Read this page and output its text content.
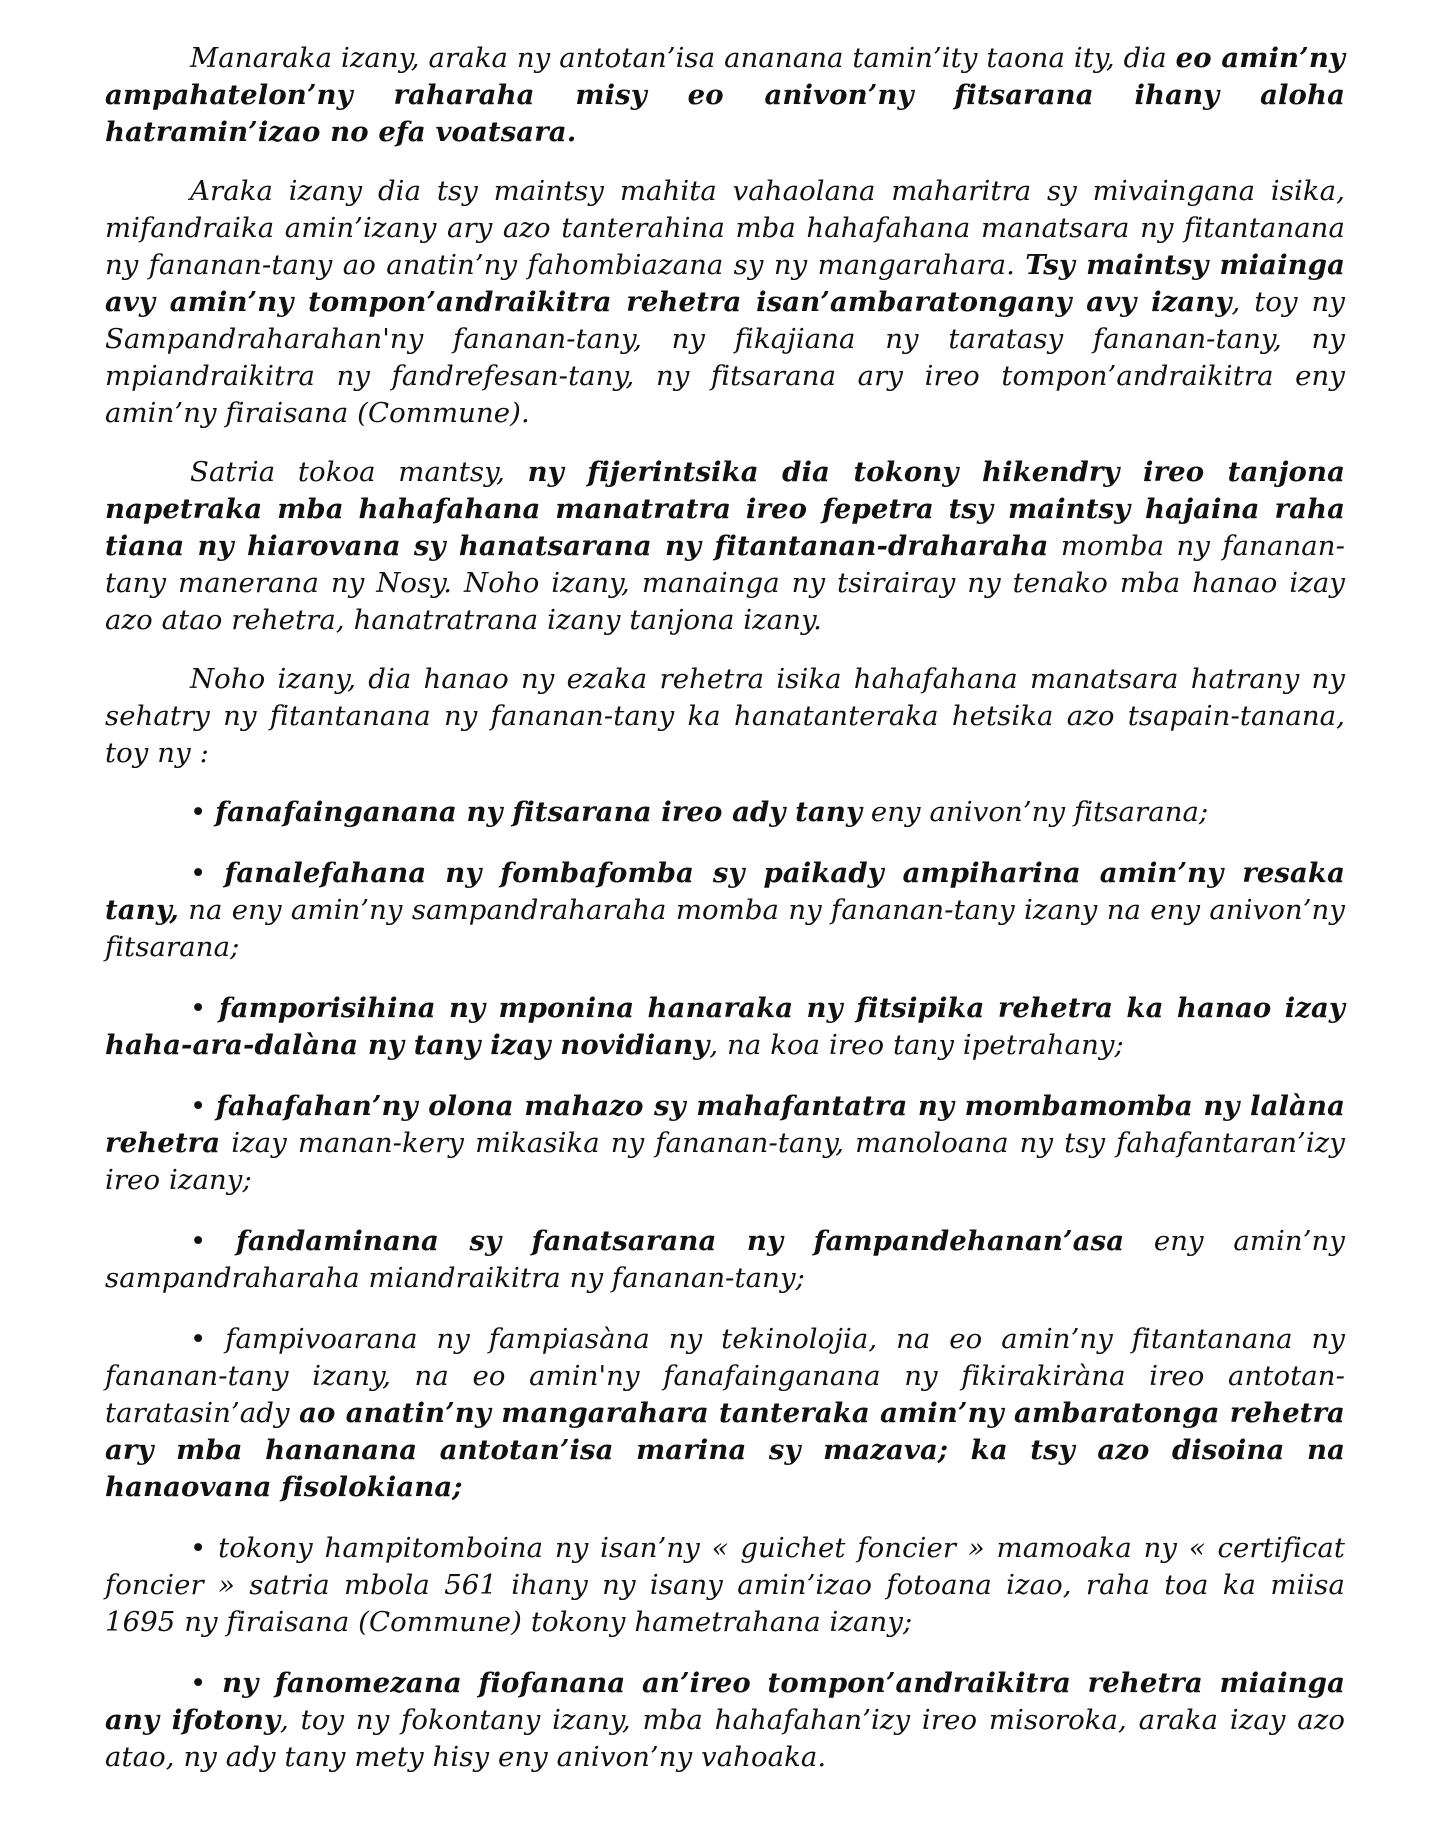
Manaraka izany, araka ny antotan’isa ananana tamin’ity taona ity, dia eo amin’ny ampahatelon’ny raharaha misy eo anivon’ny fitsarana ihany aloha hatramin’izao no efa voatsara.

Araka izany dia tsy maintsy mahita vahaolana maharitra sy mivaingana isika, mifandraika amin’izany ary azo tanterahina mba hahafahana manatsara ny fitantanana ny fananan-tany ao anatin’ny fahombiazana sy ny mangarahara. Tsy maintsy miainga avy amin’ny tompon’andraikitra rehetra isan’ambaratongany avy izany, toy ny Sampandraharahan'ny fananan-tany, ny fikajiana ny taratasy fananan-tany, ny mpiandraikitra ny fandrefesan-tany, ny fitsarana ary ireo tompon’andraikitra eny amin’ny firaisana (Commune).

Satria tokoa mantsy, ny fijerintsika dia tokony hikendry ireo tanjona napetraka mba hahafahana manatratra ireo fepetra tsy maintsy hajaina raha tiana ny hiarovana sy hanatsarana ny fitantanan-draharaha momba ny fananan-tany manerana ny Nosy. Noho izany, manainga ny tsirairay ny tenako mba hanao izay azo atao rehetra, hanatratrana izany tanjona izany.

Noho izany, dia hanao ny ezaka rehetra isika hahafahana manatsara hatrany ny sehatry ny fitantanana ny fananan-tany ka hanatanteraka hetsika azo tsapain-tanana, toy ny :

• fanafainganana ny fitsarana ireo ady tany eny anivon’ny fitsarana;

• fanalefahana ny fombafomba sy paikady ampiharina amin’ny resaka tany, na eny amin’ny sampandraharaha momba ny fananan-tany izany na eny anivon’ny fitsarana;

• famporisihina ny mponina hanaraka ny fitsipika rehetra ka hanao izay haha-ara-dalàna ny tany izay novidiany, na koa ireo tany ipetrahany;

• fahafahan’ny olona mahazo sy mahafantatra ny mombamomba ny lalàna rehetra izay manan-kery mikasika ny fananan-tany, manoloana ny tsy fahafantaran’izy ireo izany;

• fandaminana sy fanatsarana ny fampandehanan’asa eny amin’ny sampandraharaha miandraikitra ny fananan-tany;

• fampivoarana ny fampiasàna ny tekinolojia, na eo amin’ny fitantanana ny fananan-tany izany, na eo amin'ny fanafainganana ny fikirakiràna ireo antotan-taratasin’ady ao anatin’ny mangarahara tanteraka amin’ny ambaratonga rehetra ary mba hananana antotan’isa marina sy mazava; ka tsy azo disoina na hanaovana fisolokiana;

• tokony hampitomboina ny isan’ny « guichet foncier » mamoaka ny « certificat foncier » satria mbola 561 ihany ny isany amin’izao fotoana izao, raha toa ka miisa 1695 ny firaisana (Commune) tokony hametrahana izany;

• ny fanomezana fiofanana an’ireo tompon’andraikitra rehetra miainga any ifotony, toy ny fokontany izany, mba hahafahan’izy ireo misoroka, araka izay azo atao, ny ady tany mety hisy eny anivon’ny vahoaka.
